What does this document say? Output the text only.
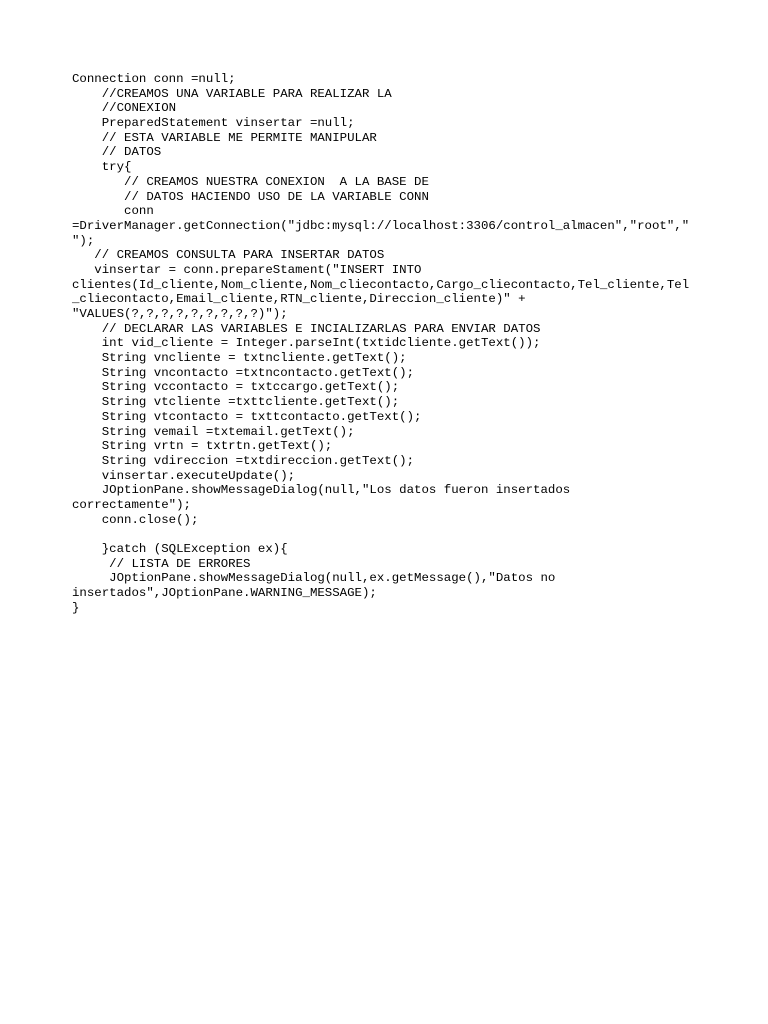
Connection conn =null;
//CREAMOS UNA VARIABLE PARA REALIZAR LA
//CONEXION
PreparedStatement vinsertar =null;
// ESTA VARIABLE ME PERMITE MANIPULAR
// DATOS
try{
// CREAMOS NUESTRA CONEXION  A LA BASE DE
// DATOS HACIENDO USO DE LA VARIABLE CONN
conn
=DriverManager.getConnection("jdbc:mysql://localhost:3306/control_almacen","root","
");
// CREAMOS CONSULTA PARA INSERTAR DATOS
vinsertar = conn.prepareStament("INSERT INTO
clientes(Id_cliente,Nom_cliente,Nom_cliecontacto,Cargo_cliecontacto,Tel_cliente,Tel
_cliecontacto,Email_cliente,RTN_cliente,Direccion_cliente)" +
"VALUES(?,?,?,?,?,?,?,?,?)");
// DECLARAR LAS VARIABLES E INCIALIZARLAS PARA ENVIAR DATOS
int vid_cliente = Integer.parseInt(txtidcliente.getText());
String vncliente = txtncliente.getText();
String vncontacto =txtncontacto.getText();
String vccontacto = txtccargo.getText();
String vtcliente =txttcliente.getText();
String vtcontacto = txttcontacto.getText();
String vemail =txtemail.getText();
String vrtn = txtrtn.getText();
String vdireccion =txtdireccion.getText();
vinsertar.executeUpdate();
JOptionPane.showMessageDialog(null,"Los datos fueron insertados
correctamente");
conn.close();
}catch (SQLException ex){
// LISTA DE ERRORES
JOptionPane.showMessageDialog(null,ex.getMessage(),"Datos no
insertados",JOptionPane.WARNING_MESSAGE);
}
